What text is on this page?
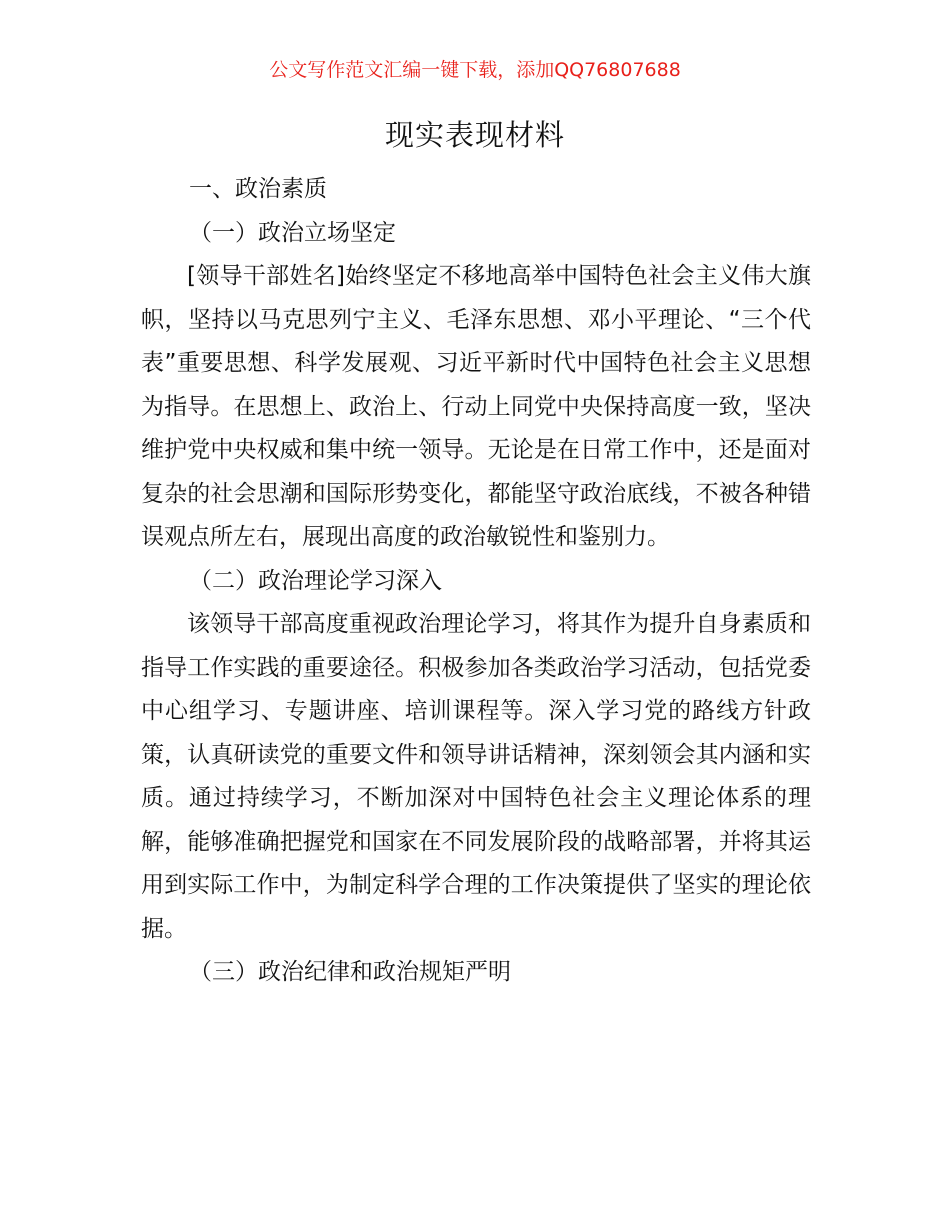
公文写作范文汇编一键下载，添加QQ76807688
现实表现材料

一、政治素质

（一）政治立场坚定

[领导干部姓名]始终坚定不移地高举中国特色社会主义伟大旗帜，坚持以马克思列宁主义、毛泽东思想、邓小平理论、“三个代表”重要思想、科学发展观、习近平新时代中国特色社会主义思想为指导。在思想上、政治上、行动上同党中央保持高度一致，坚决维护党中央权威和集中统一领导。无论是在日常工作中，还是面对复杂的社会思潮和国际形势变化，都能坚守政治底线，不被各种错误观点所左右，展现出高度的政治敏锐性和鉴别力。

（二）政治理论学习深入

该领导干部高度重视政治理论学习，将其作为提升自身素质和指导工作实践的重要途径。积极参加各类政治学习活动，包括党委中心组学习、专题讲座、培训课程等。深入学习党的路线方针政策，认真研读党的重要文件和领导讲话精神，深刻领会其内涵和实质。通过持续学习，不断加深对中国特色社会主义理论体系的理解，能够准确把握党和国家在不同发展阶段的战略部署，并将其运用到实际工作中，为制定科学合理的工作决策提供了坚实的理论依据。

（三）政治纪律和政治规矩严明
